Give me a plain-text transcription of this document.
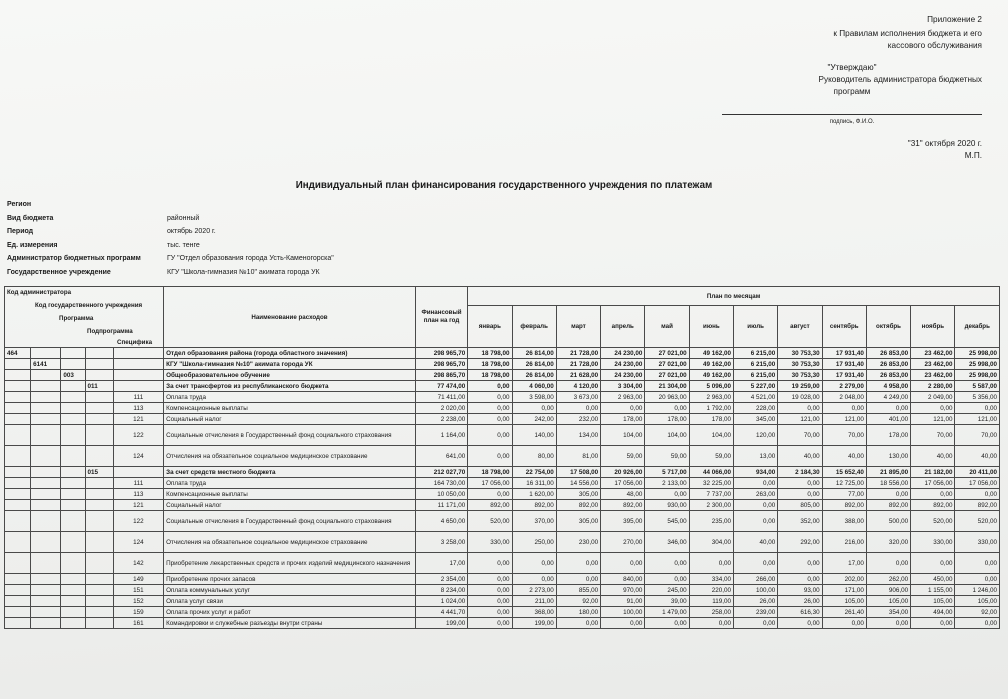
Приложение 2
к Правилам исполнения бюджета и его
кассового обслуживания
"Утверждаю"
Руководитель администратора бюджетных
программ
подпись, Ф.И.О.
"31" октября 2020 г.
М.П.
Индивидуальный план финансирования государственного учреждения по платежам
Регион
Вид бюджета	районный
Период	октябрь 2020 г.
Ед. измерения	тыс. тенге
Администратор бюджетных программ	ГУ "Отдел образования города Усть-Каменогорска"
Государственное учреждение	КГУ "Школа-гимназия №10" акимата города УК
Код администратора
Код государственного учреждения
Программа
Подпрограмма
Специфика					Наименование расходов	Финансовый план на год	План по месяцам											
							январь	февраль	март	апрель	май	июнь	июль	август	сентябрь	октябрь	ноябрь	декабрь
464					Отдел образования района (города областного значения)	298 965,70	18 798,00	26 814,00	21 728,00	24 230,00	27 021,00	49 162,00	6 215,00	30 753,30	17 931,40	26 853,00	23 462,00	25 998,00
	6141				КГУ "Школа-гимназия №10" акимата города УК	298 965,70	18 798,00	26 814,00	21 728,00	24 230,00	27 021,00	49 162,00	6 215,00	30 753,30	17 931,40	26 853,00	23 462,00	25 998,00
		003			Общеобразовательное обучение	298 865,70	18 798,00	26 814,00	21 628,00	24 230,00	27 021,00	49 162,00	6 215,00	30 753,30	17 931,40	26 853,00	23 462,00	25 998,00
			011		За счет трансфертов из республиканского бюджета	77 474,00	0,00	4 060,00	4 120,00	3 304,00	21 304,00	5 096,00	5 227,00	19 259,00	2 279,00	4 958,00	2 280,00	5 587,00
				111	Оплата труда	71 411,00	0,00	3 598,00	3 673,00	2 963,00	20 963,00	2 963,00	4 521,00	19 028,00	2 048,00	4 249,00	2 049,00	5 356,00
				113	Компенсационные выплаты	2 020,00	0,00	0,00	0,00	0,00	0,00	1 792,00	228,00	0,00	0,00	0,00	0,00	0,00
				121	Социальный налог	2 238,00	0,00	242,00	232,00	178,00	178,00	178,00	345,00	121,00	121,00	401,00	121,00	121,00
				122	Социальные отчисления в Государственный фонд социального страхования	1 164,00	0,00	140,00	134,00	104,00	104,00	104,00	120,00	70,00	70,00	178,00	70,00	70,00
				124	Отчисления на обязательное социальное медицинское страхование	641,00	0,00	80,00	81,00	59,00	59,00	59,00	13,00	40,00	40,00	130,00	40,00	40,00
			015		За счет средств местного бюджета	212 027,70	18 798,00	22 754,00	17 508,00	20 926,00	5 717,00	44 066,00	934,00	2 184,30	15 652,40	21 895,00	21 182,00	20 411,00
				111	Оплата труда	164 730,00	17 056,00	16 311,00	14 556,00	17 056,00	2 133,00	32 225,00	0,00	0,00	12 725,00	18 556,00	17 056,00	17 056,00
				113	Компенсационные выплаты	10 050,00	0,00	1 620,00	305,00	48,00	0,00	7 737,00	263,00	0,00	77,00	0,00	0,00	0,00
				121	Социальный налог	11 171,00	892,00	892,00	892,00	892,00	930,00	2 300,00	0,00	805,00	892,00	892,00	892,00	892,00
				122	Социальные отчисления в Государственный фонд социального страхования	4 650,00	520,00	370,00	305,00	395,00	545,00	235,00	0,00	352,00	388,00	500,00	520,00	520,00
				124	Отчисления на обязательное социальное медицинское страхование	3 258,00	330,00	250,00	230,00	270,00	346,00	304,00	40,00	292,00	216,00	320,00	330,00	330,00
				142	Приобретение лекарственных средств и прочих изделий медицинского назначения	17,00	0,00	0,00	0,00	0,00	0,00	0,00	0,00	0,00	17,00	0,00	0,00	0,00
				149	Приобретение прочих запасов	2 354,00	0,00	0,00	0,00	840,00	0,00	334,00	266,00	0,00	202,00	262,00	450,00	0,00
				151	Оплата коммунальных услуг	8 234,00	0,00	2 273,00	855,00	970,00	245,00	220,00	100,00	93,00	171,00	906,00	1 155,00	1 246,00
				152	Оплата услуг связи	1 024,00	0,00	211,00	92,00	91,00	39,00	119,00	26,00	26,00	105,00	105,00	105,00	105,00
				159	Оплата прочих услуг и работ	4 441,70	0,00	368,00	180,00	100,00	1 479,00	258,00	239,00	616,30	261,40	354,00	494,00	92,00
				161	Командировки и служебные разъезды внутри страны	199,00	0,00	199,00	0,00	0,00	0,00	0,00	0,00	0,00	0,00	0,00	0,00	0,00
